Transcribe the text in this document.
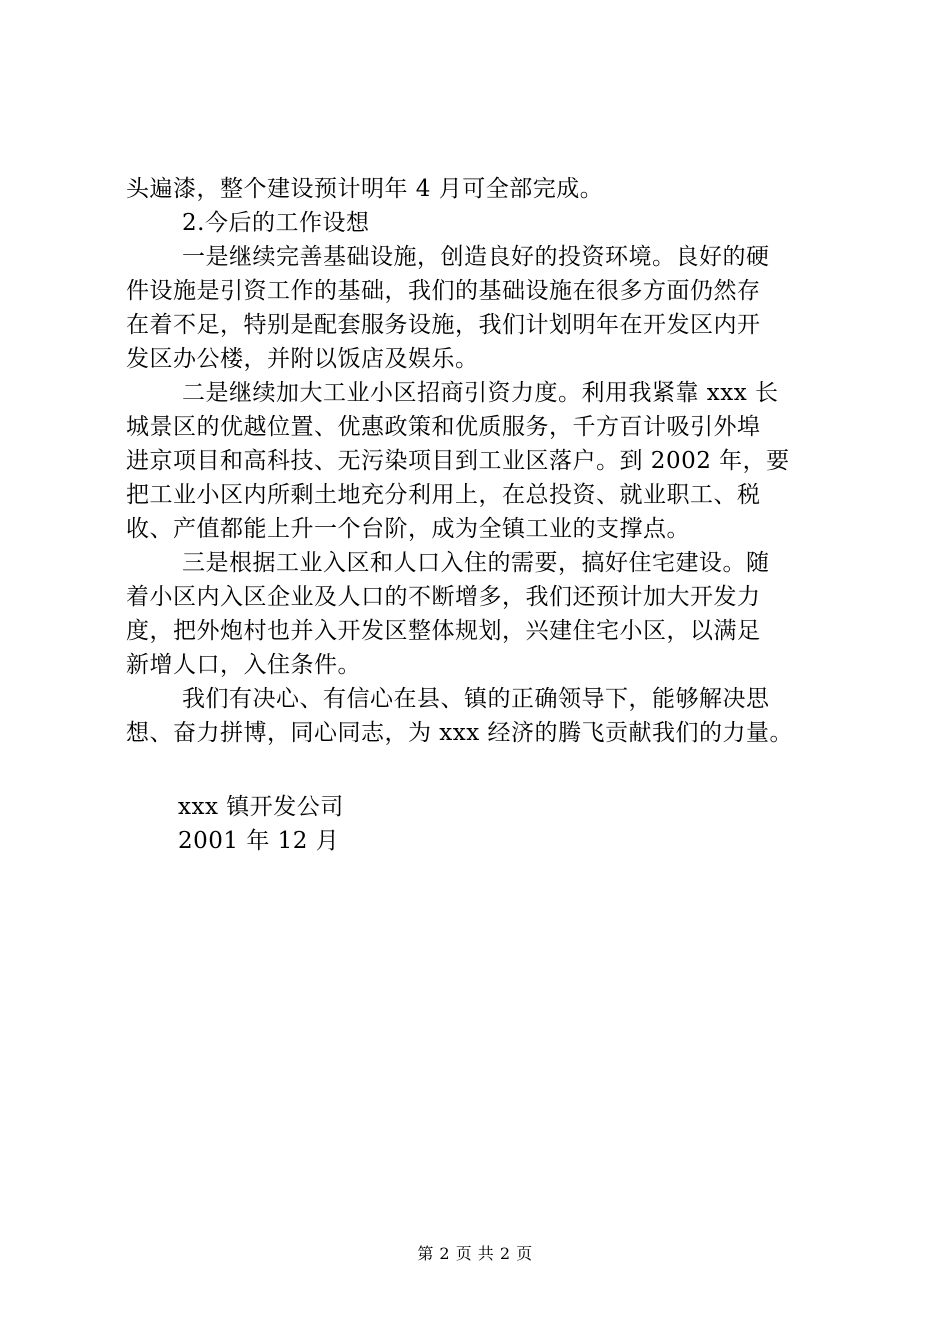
头遍漆，整个建设预计明年 4 月可全部完成。
2.今后的工作设想
一是继续完善基础设施，创造良好的投资环境。良好的硬
件设施是引资工作的基础，我们的基础设施在很多方面仍然存
在着不足，特别是配套服务设施，我们计划明年在开发区内开
发区办公楼，并附以饭店及娱乐。
二是继续加大工业小区招商引资力度。利用我紧靠 xxx 长
城景区的优越位置、优惠政策和优质服务，千方百计吸引外埠
进京项目和高科技、无污染项目到工业区落户。到 2002 年，要
把工业小区内所剩土地充分利用上，在总投资、就业职工、税
收、产值都能上升一个台阶，成为全镇工业的支撑点。
三是根据工业入区和人口入住的需要，搞好住宅建设。随
着小区内入区企业及人口的不断增多，我们还预计加大开发力
度，把外炮村也并入开发区整体规划，兴建住宅小区，以满足
新增人口，入住条件。
我们有决心、有信心在县、镇的正确领导下，能够解决思
想、奋力拼博，同心同志，为 xxx 经济的腾飞贡献我们的力量。
xxx 镇开发公司
2001 年 12 月
第 2 页 共 2 页
